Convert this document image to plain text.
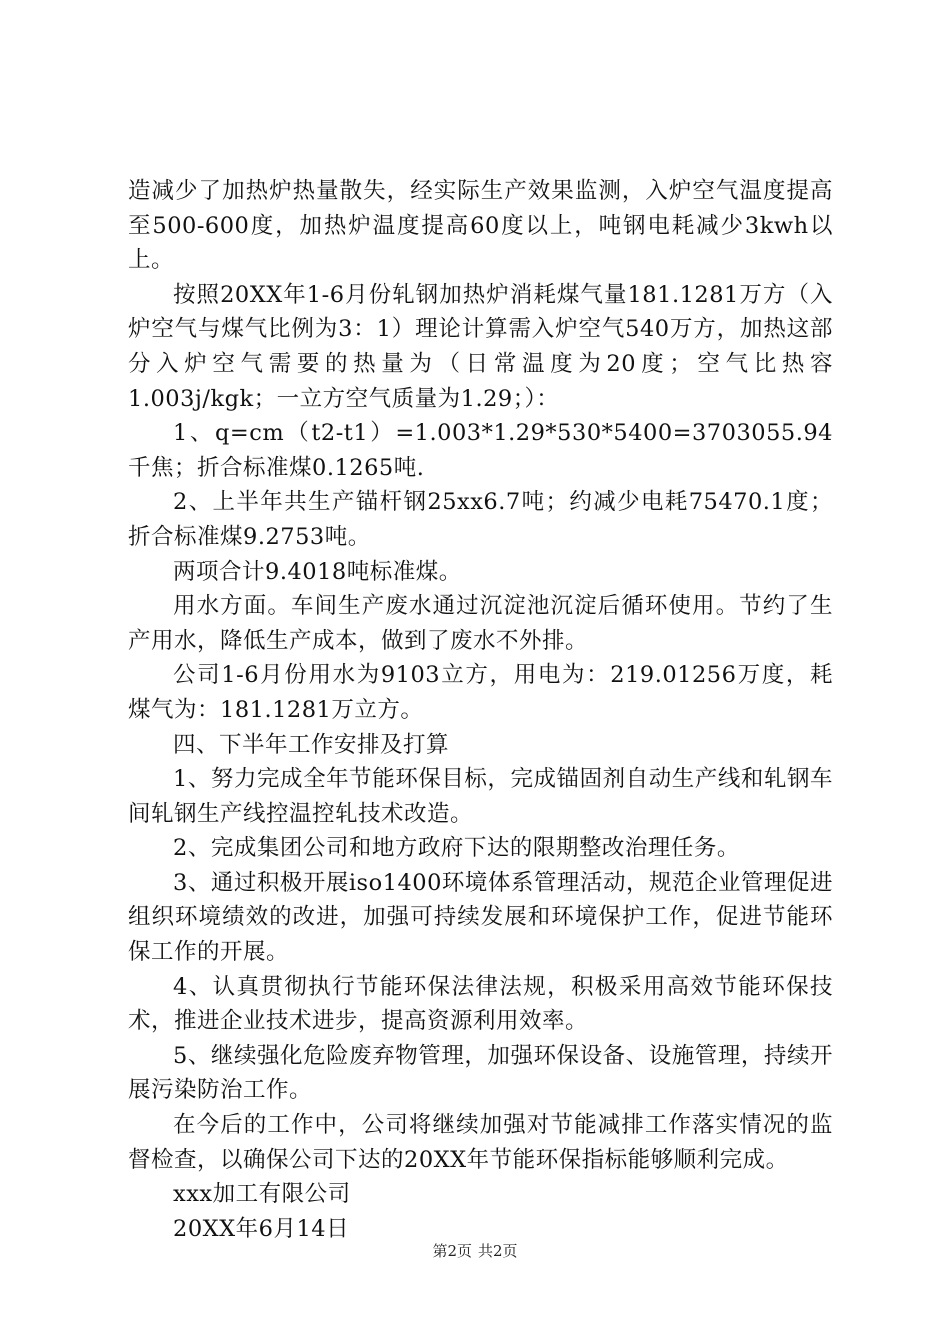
造减少了加热炉热量散失，经实际生产效果监测，入炉空气温度提高至500-600度，加热炉温度提高60度以上，吨钢电耗减少3kwh以上。

按照20XX年1-6月份轧钢加热炉消耗煤气量181.1281万方（入炉空气与煤气比例为3：1）理论计算需入炉空气540万方，加热这部分入炉空气需要的热量为（日常温度为20度；空气比热容1.003j/kgk；一立方空气质量为1.29；）：

1、q=cm（t2-t1）=1.003*1.29*530*5400=3703055.94千焦；折合标准煤0.1265吨.

2、上半年共生产锚杆钢25xx6.7吨；约减少电耗75470.1度；折合标准煤9.2753吨。

两项合计9.4018吨标准煤。

用水方面。车间生产废水通过沉淀池沉淀后循环使用。节约了生产用水，降低生产成本，做到了废水不外排。

公司1-6月份用水为9103立方，用电为：219.01256万度，耗煤气为：181.1281万立方。

四、下半年工作安排及打算

1、努力完成全年节能环保目标，完成锚固剂自动生产线和轧钢车间轧钢生产线控温控轧技术改造。

2、完成集团公司和地方政府下达的限期整改治理任务。

3、通过积极开展iso1400环境体系管理活动，规范企业管理促进组织环境绩效的改进，加强可持续发展和环境保护工作，促进节能环保工作的开展。

4、认真贯彻执行节能环保法律法规，积极采用高效节能环保技术，推进企业技术进步，提高资源利用效率。

5、继续强化危险废弃物管理，加强环保设备、设施管理，持续开展污染防治工作。

在今后的工作中，公司将继续加强对节能减排工作落实情况的监督检查，以确保公司下达的20XX年节能环保指标能够顺利完成。

xxx加工有限公司

20XX年6月14日

第2页 共2页
